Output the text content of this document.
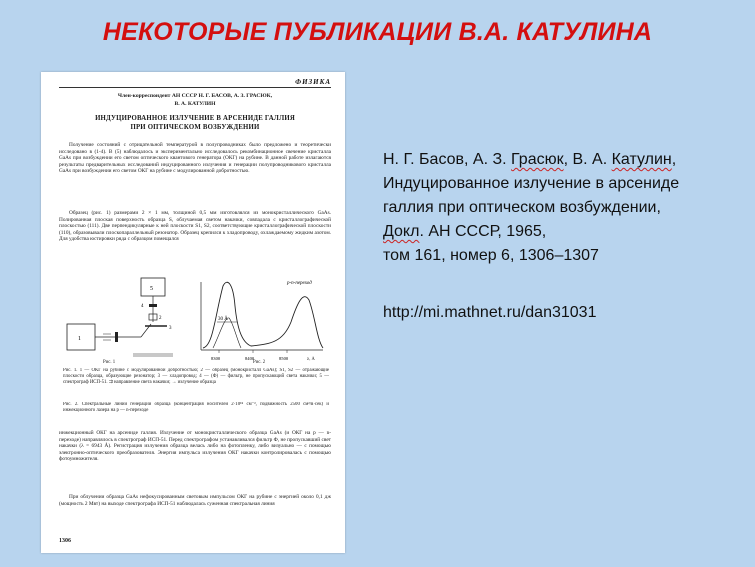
НЕКОТОРЫЕ ПУБЛИКАЦИИ В.А. КАТУЛИНА
ФИЗИКА
Член-корреспондент АН СССР Н. Г. БАСОВ, А. З. ГРАСЮК,
В. А. КАТУЛИН
ИНДУЦИРОВАННОЕ ИЗЛУЧЕНИЕ В АРСЕНИДЕ ГАЛЛИЯ
ПРИ ОПТИЧЕСКОМ ВОЗБУЖДЕНИИ
Получение состояний с отрицательной температурой в полупроводниках было предложено и теоретически исследовано в (1-4). В (5) наблюдалось и экспериментально исследовалось рекомбинационное свечение кристалла GaAs при возбуждении его светом оптического квантового генератора (ОКГ) на рубине. В данной работе излагаются результаты предварительных исследований индуцированного излучения и генерации полупроводникового кристалла GaAs при возбуждении его светом ОКГ на рубине с модулированной добротностью.
Образец (рис. 1) размерами 2 × 1 мм, толщиной 0,5 мм изготовлялся из монокристаллического GaAs. Полированная плоская поверхность образца S, облучаемая светом накачки, совпадала с кристаллографической плоскостью (111). Две перпендикулярные к ней плоскости S1, S2, соответствующие кристаллографической плоскости (110), образовывали плоскопараллельный резонатор. Образец крепился к хладопроводу, охлаждаемому жидким азотом. Для удобства юстировки ряда с образцом помещался
5
4
2
3
1
Рис. 1
30 Å
p-n-переход
8300	8400	8500	λ, Å
Рис. 2
Рис. 1. 1 — ОКГ на рубине с модулированной добротностью; 2 — образец (монокристалл GaAs); S1, S2 — отражающие плоскости образца, образующие резонатор; 3 — хладопровод; 4 — (Ф) — фильтр, не пропускающий света накачки; 5 — спектрограф ИСП-51. ⇉ направление света накачки; → излучение образца
Рис. 2. Спектральные линии генерации образца (концентрация носителей 2·10¹⁸ см⁻³, подвижность 2500 см²/в·сек) и инжекционного лазера на p — n-переходе
инжекционный ОКГ на арсениде галлия. Излучение от монокристаллического образца GaAs (и ОКГ на p — n-переходе) направлялось в спектрограф ИСП-51. Перед спектрографом устанавливался фильтр Ф, не пропускавший свет накачки (λ = 6943 Å). Регистрация излучения образца велась либо на фотопленку, либо визуально — с помощью электронно-оптического преобразователя. Энергия импульса излучения ОКГ накачки контролировалась с помощью фотоумножителя.
При облучении образца GaAs нефокусированным световым импульсом ОКГ на рубине с энергией около 0,1 дж (мощность 2 Мвт) на выходе спектрографа ИСП-51 наблюдалась суженная спектральная линия
1306
Н. Г. Басов, А. З. Грасюк, В. А. Катулин,
Индуцированное излучение в арсениде
галлия при оптическом возбуждении,
Докл. АН СССР, 1965,
том 161, номер 6, 1306–1307
http://mi.mathnet.ru/dan31031
